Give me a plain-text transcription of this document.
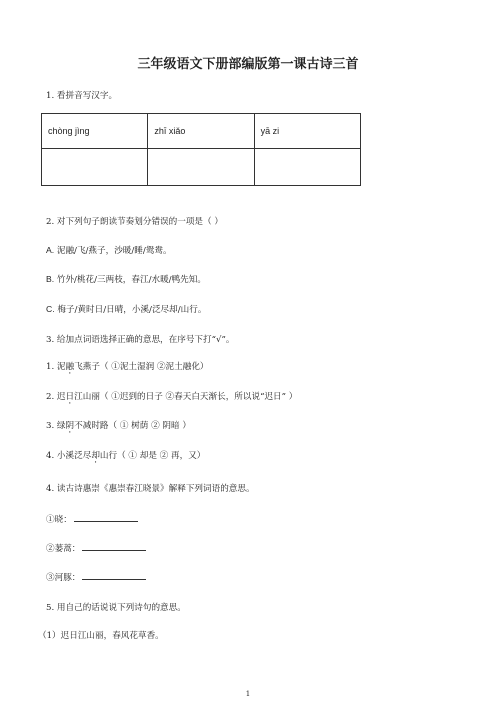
三年级语文下册部编版第一课古诗三首
1. 看拼音写汉字。
chòng jìng	zhī xiǎo	yā zi

2. 对下列句子朗读节奏划分错误的一项是（ ）
A. 泥融/飞/燕子，沙暖/睡/鸳鸯。
B. 竹外/桃花/三两枝，春江/水暖/鸭先知。
C. 梅子/黄时日/日晴，小溪/泛尽却/山行。
3. 给加点词语选择正确的意思，在序号下打“√”。
1. 泥融飞燕子（ ①泥土湿润 ②泥土融化）
2. 迟日江山丽（ ①迟到的日子 ②春天白天渐长，所以说“迟日” ）
3. 绿阴不减时路（ ① 树荫 ② 阴暗 ）
4. 小溪泛尽却山行（ ① 却是 ② 再，又）
4. 读古诗惠崇《惠崇春江晓景》解释下列词语的意思。
①晓：
②蒌蒿：
③河豚：
5. 用自己的话说说下列诗句的意思。
（1）迟日江山丽，春风花草香。
1
